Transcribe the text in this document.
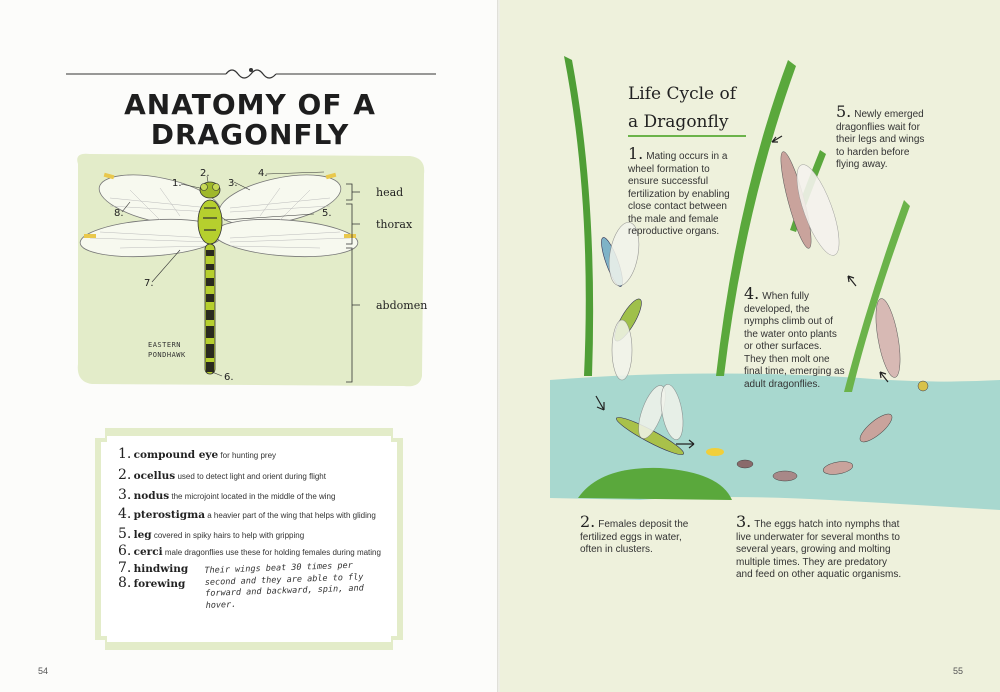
ANATOMY OF A
DRAGONFLY
1.
2.
3.
4.
5.
6.
7.
8.
head
thorax
abdomen
EASTERN
PONDHAWK
1. compound eye for hunting prey
2. ocellus used to detect light and orient during flight
3. nodus the microjoint located in the middle of the wing
4. pterostigma a heavier part of the wing that helps with gliding
5. leg covered in spiky hairs to help with gripping
6. cerci male dragonflies use these for holding females during mating
7. hindwing
8. forewing
Their wings beat 30 times per second and they are able to fly forward and backward, spin, and hover.
54
Life Cycle of
a Dragonfly
1. Mating occurs in a wheel formation to ensure successful fertilization by enabling close contact between the male and female reproductive organs.
2. Females deposit the fertilized eggs in water, often in clusters.
3. The eggs hatch into nymphs that live underwater for several months to several years, growing and molting multiple times. They are predatory and feed on other aquatic organisms.
4. When fully developed, the nymphs climb out of the water onto plants or other surfaces. They then molt one final time, emerging as adult dragonflies.
5. Newly emerged dragonflies wait for their legs and wings to harden before flying away.
55
